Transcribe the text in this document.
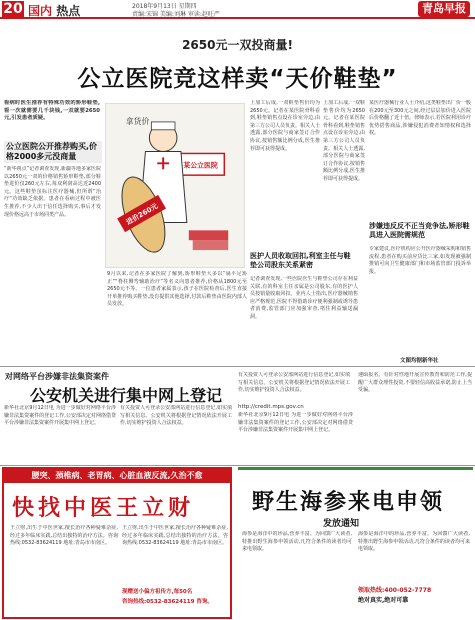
20 国内 热点	2018年9月13日 星期四
责编:宋锦 美编:刘琳 审读:赵旺严	青岛早报
2650元一双投商量!
公立医院竞这样卖“天价鞋垫”
看病时医生推荐有特殊功效的矫形鞋垫,看一次就需要几千块钱,一双就要2650元,引发患者质疑。
公立医院公开推荐购买,价格2000多元没商量
“新华视点”记者调查发现,新疆等地多家医院以2650元一双的价格销售矫形鞋垫,部分鞋垫进价仅260元左右,每双利润高达近2400元。这些鞋垫虽标注医疗器械,但所谓“治疗”功效缺乏依据。患者在看病过程中被医生推荐,不少人出于信任选择购买,事后才发现价格远高于市场同类产品。
某公立医院
进价260元
拿货价
9月以来,记者在多家医院了解到,矫形鞋垫大多以“扁平足矫正”“脊柱侧弯辅助治疗”等名义向患者推荐,价格从1800元至2650元不等。一位患者家属表示,孩子在医院检查后,医生直接开单推荐购买鞋垫,没有提供其他选择,付款后鞋垫由医院内部人员发放。
上加工后成,一双鞋垫售价均为2650元。记者在某医院骨科看到,鞋垫销售点设在诊室旁边,由第三方公司人员负责。相关人士透露,部分医院与商家签订合作协议,按销售额比例分成,医生推荐即可获得提成。
医护人员收取回扣,利室主任与鞋垫公司股东关系紧密
记者调查发现,一些医院医生与鞋垫公司存在利益关联,有的科室主任亲属是公司股东,有的医护人员按销量收取回扣。业内人士指出,医疗器械销售应严格规范,医院不得借助诊疗便利强制或诱导患者消费,监管部门应加强审查,堵住利益输送漏洞。
上加工后成,一双鞋垫售价均为2650元。记者在某医院骨科看到,鞋垫销售点设在诊室旁边,由第三方公司人员负责。相关人士透露,部分医院与商家签订合作协议,按销售额比例分成,医生推荐即可获得提成。
某医疗器械行业人士介绍,这类鞋垫出厂价一般在200元至300元之间,经过层层加价进入医院后价格翻了近十倍。律师表示,若医院利用诊疗优势搭售商品,涉嫌侵犯消费者知情权和选择权。
涉嫌违反反不正当竞争法,矫形鞋具进入医院需规范
专家建议,医疗机构应公开医疗器械采购和销售流程,患者在购买前应货比三家,如发现被强制推销可向卫生健康部门和市场监管部门投诉举报。
文图均据新华社
对网络平台涉嫌非法集资案件
公安机关进行集中网上登记
新华社北京9月12日电 为进一步做好对网络平台涉嫌非法集资案件的登记工作,公安部决定对网络借贷平台涉嫌非法集资案件开展集中网上登记。
有关投资人可登录公安部网站进行信息登记,如实填写相关信息。公安机关将根据登记情况依法开展工作,切实维护投资人合法权益。
有关投资人可登录公安部网站进行信息登记,如实填写相关信息。公安机关将根据登记情况依法开展工作,切实维护投资人合法权益。
http://credit.mps.gov.cn
新华社北京9月12日电 为进一步做好对网络平台涉嫌非法集资案件的登记工作,公安部决定对网络借贷平台涉嫌非法集资案件开展集中网上登记。
速缉报名。有针对性地开展宣传教育和防范工作,提醒广大群众理性投资,不要轻信高收益承诺,防止上当受骗。
腰突、颈椎病、老胃病、心脏血液反流,久治不愈
快找中医王立财
王立财,出生于中医世家,擅长治疗各种疑难杂症,经过多年临床实践,总结出独特的治疗方法。咨询热线:0532-83624119 地址:青岛市市南区。
王立财,出生于中医世家,擅长治疗各种疑难杂症,经过多年临床实践,总结出独特的治疗方法。咨询热线:0532-83624119 地址:青岛市市南区。
现赠送小偏方祖传方,每50名
咨询热线:0532-83624119 咨询。
野生海参来电申领
发放通知
海参是海洋中的珍品,营养丰富。为回馈广大读者,特推出野生海参申领活动,凡符合条件的读者均可来电领取。
海参是海洋中的珍品,营养丰富。为回馈广大读者,特推出野生海参申领活动,凡符合条件的读者均可来电领取。
领取热线:400-052-7778
绝对真实,绝对可靠
